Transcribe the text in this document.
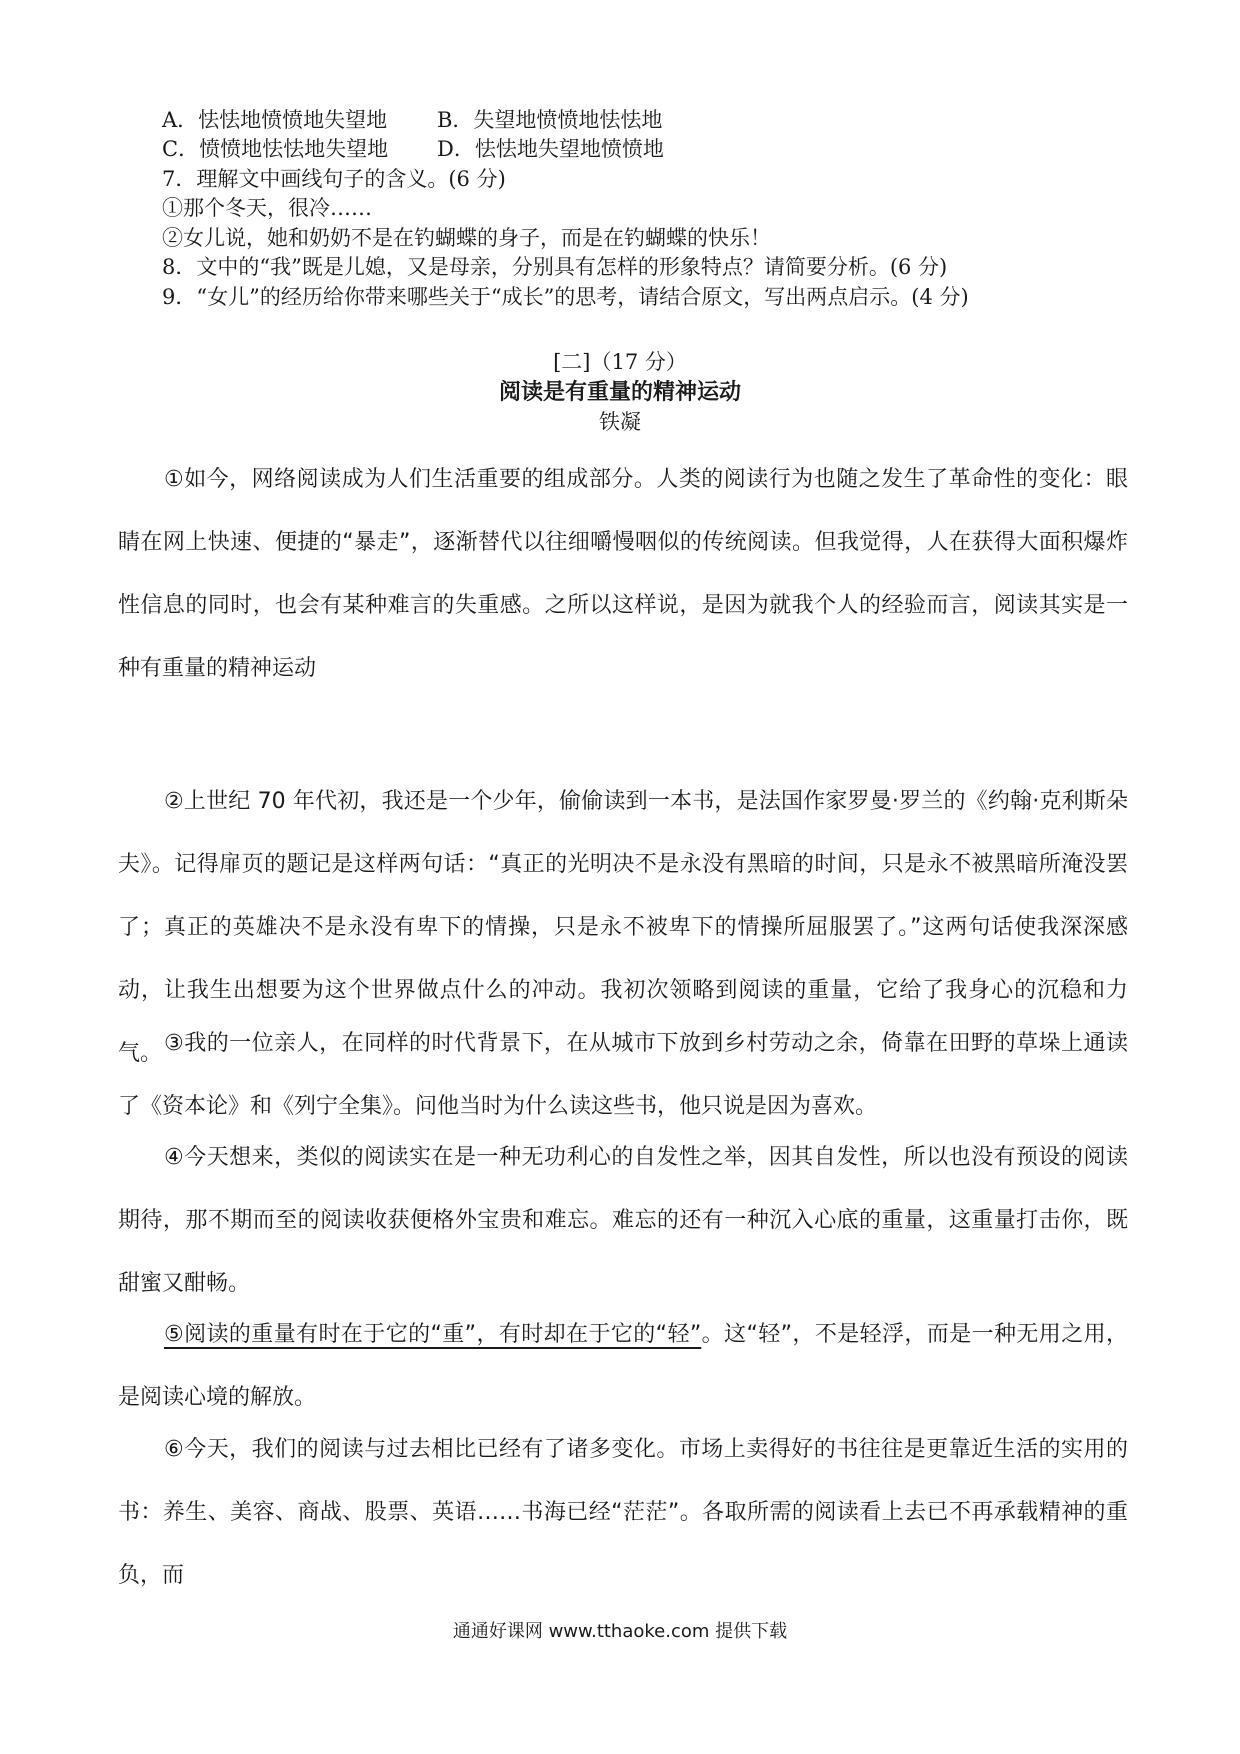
A．怯怯地愤愤地失望地 B．失望地愤愤地怯怯地
C．愤愤地怯怯地失望地 D．怯怯地失望地愤愤地
7．理解文中画线句子的含义。(6 分)
①那个冬天，很冷……
②女儿说，她和奶奶不是在钓蝴蝶的身子，而是在钓蝴蝶的快乐！
8．文中的“我”既是儿媳，又是母亲，分别具有怎样的形象特点？请简要分析。(6 分)
9．“女儿”的经历给你带来哪些关于“成长”的思考，请结合原文，写出两点启示。(4 分)
[二]（17 分）
阅读是有重量的精神运动
铁凝

①如今，网络阅读成为人们生活重要的组成部分。人类的阅读行为也随之发生了革命性的变化：眼睛在网上快速、便捷的“暴走”，逐渐替代以往细嚼慢咽似的传统阅读。但我觉得，人在获得大面积爆炸性信息的同时，也会有某种难言的失重感。之所以这样说，是因为就我个人的经验而言，阅读其实是一种有重量的精神运动

②上世纪 70 年代初，我还是一个少年，偷偷读到一本书，是法国作家罗曼·罗兰的《约翰·克利斯朵夫》。记得扉页的题记是这样两句话：“真正的光明决不是永没有黑暗的时间，只是永不被黑暗所淹没罢了；真正的英雄决不是永没有卑下的情操，只是永不被卑下的情操所屈服罢了。”这两句话使我深深感动，让我生出想要为这个世界做点什么的冲动。我初次领略到阅读的重量，它给了我身心的沉稳和力气。 ③我的一位亲人，在同样的时代背景下，在从城市下放到乡村劳动之余，倚靠在田野的草垛上通读了《资本论》和《列宁全集》。问他当时为什么读这些书，他只说是因为喜欢。

④今天想来，类似的阅读实在是一种无功利心的自发性之举，因其自发性，所以也没有预设的阅读期待，那不期而至的阅读收获便格外宝贵和难忘。难忘的还有一种沉入心底的重量，这重量打击你，既甜蜜又酣畅。

⑤阅读的重量有时在于它的“重”，有时却在于它的“轻”。这“轻”，不是轻浮，而是一种无用之用，是阅读心境的解放。

⑥今天，我们的阅读与过去相比已经有了诸多变化。市场上卖得好的书往往是更靠近生活的实用的书：养生、美容、商战、股票、英语……书海已经“茫茫”。各取所需的阅读看上去已不再承载精神的重负，而

通通好课网 www.tthaoke.com 提供下载
